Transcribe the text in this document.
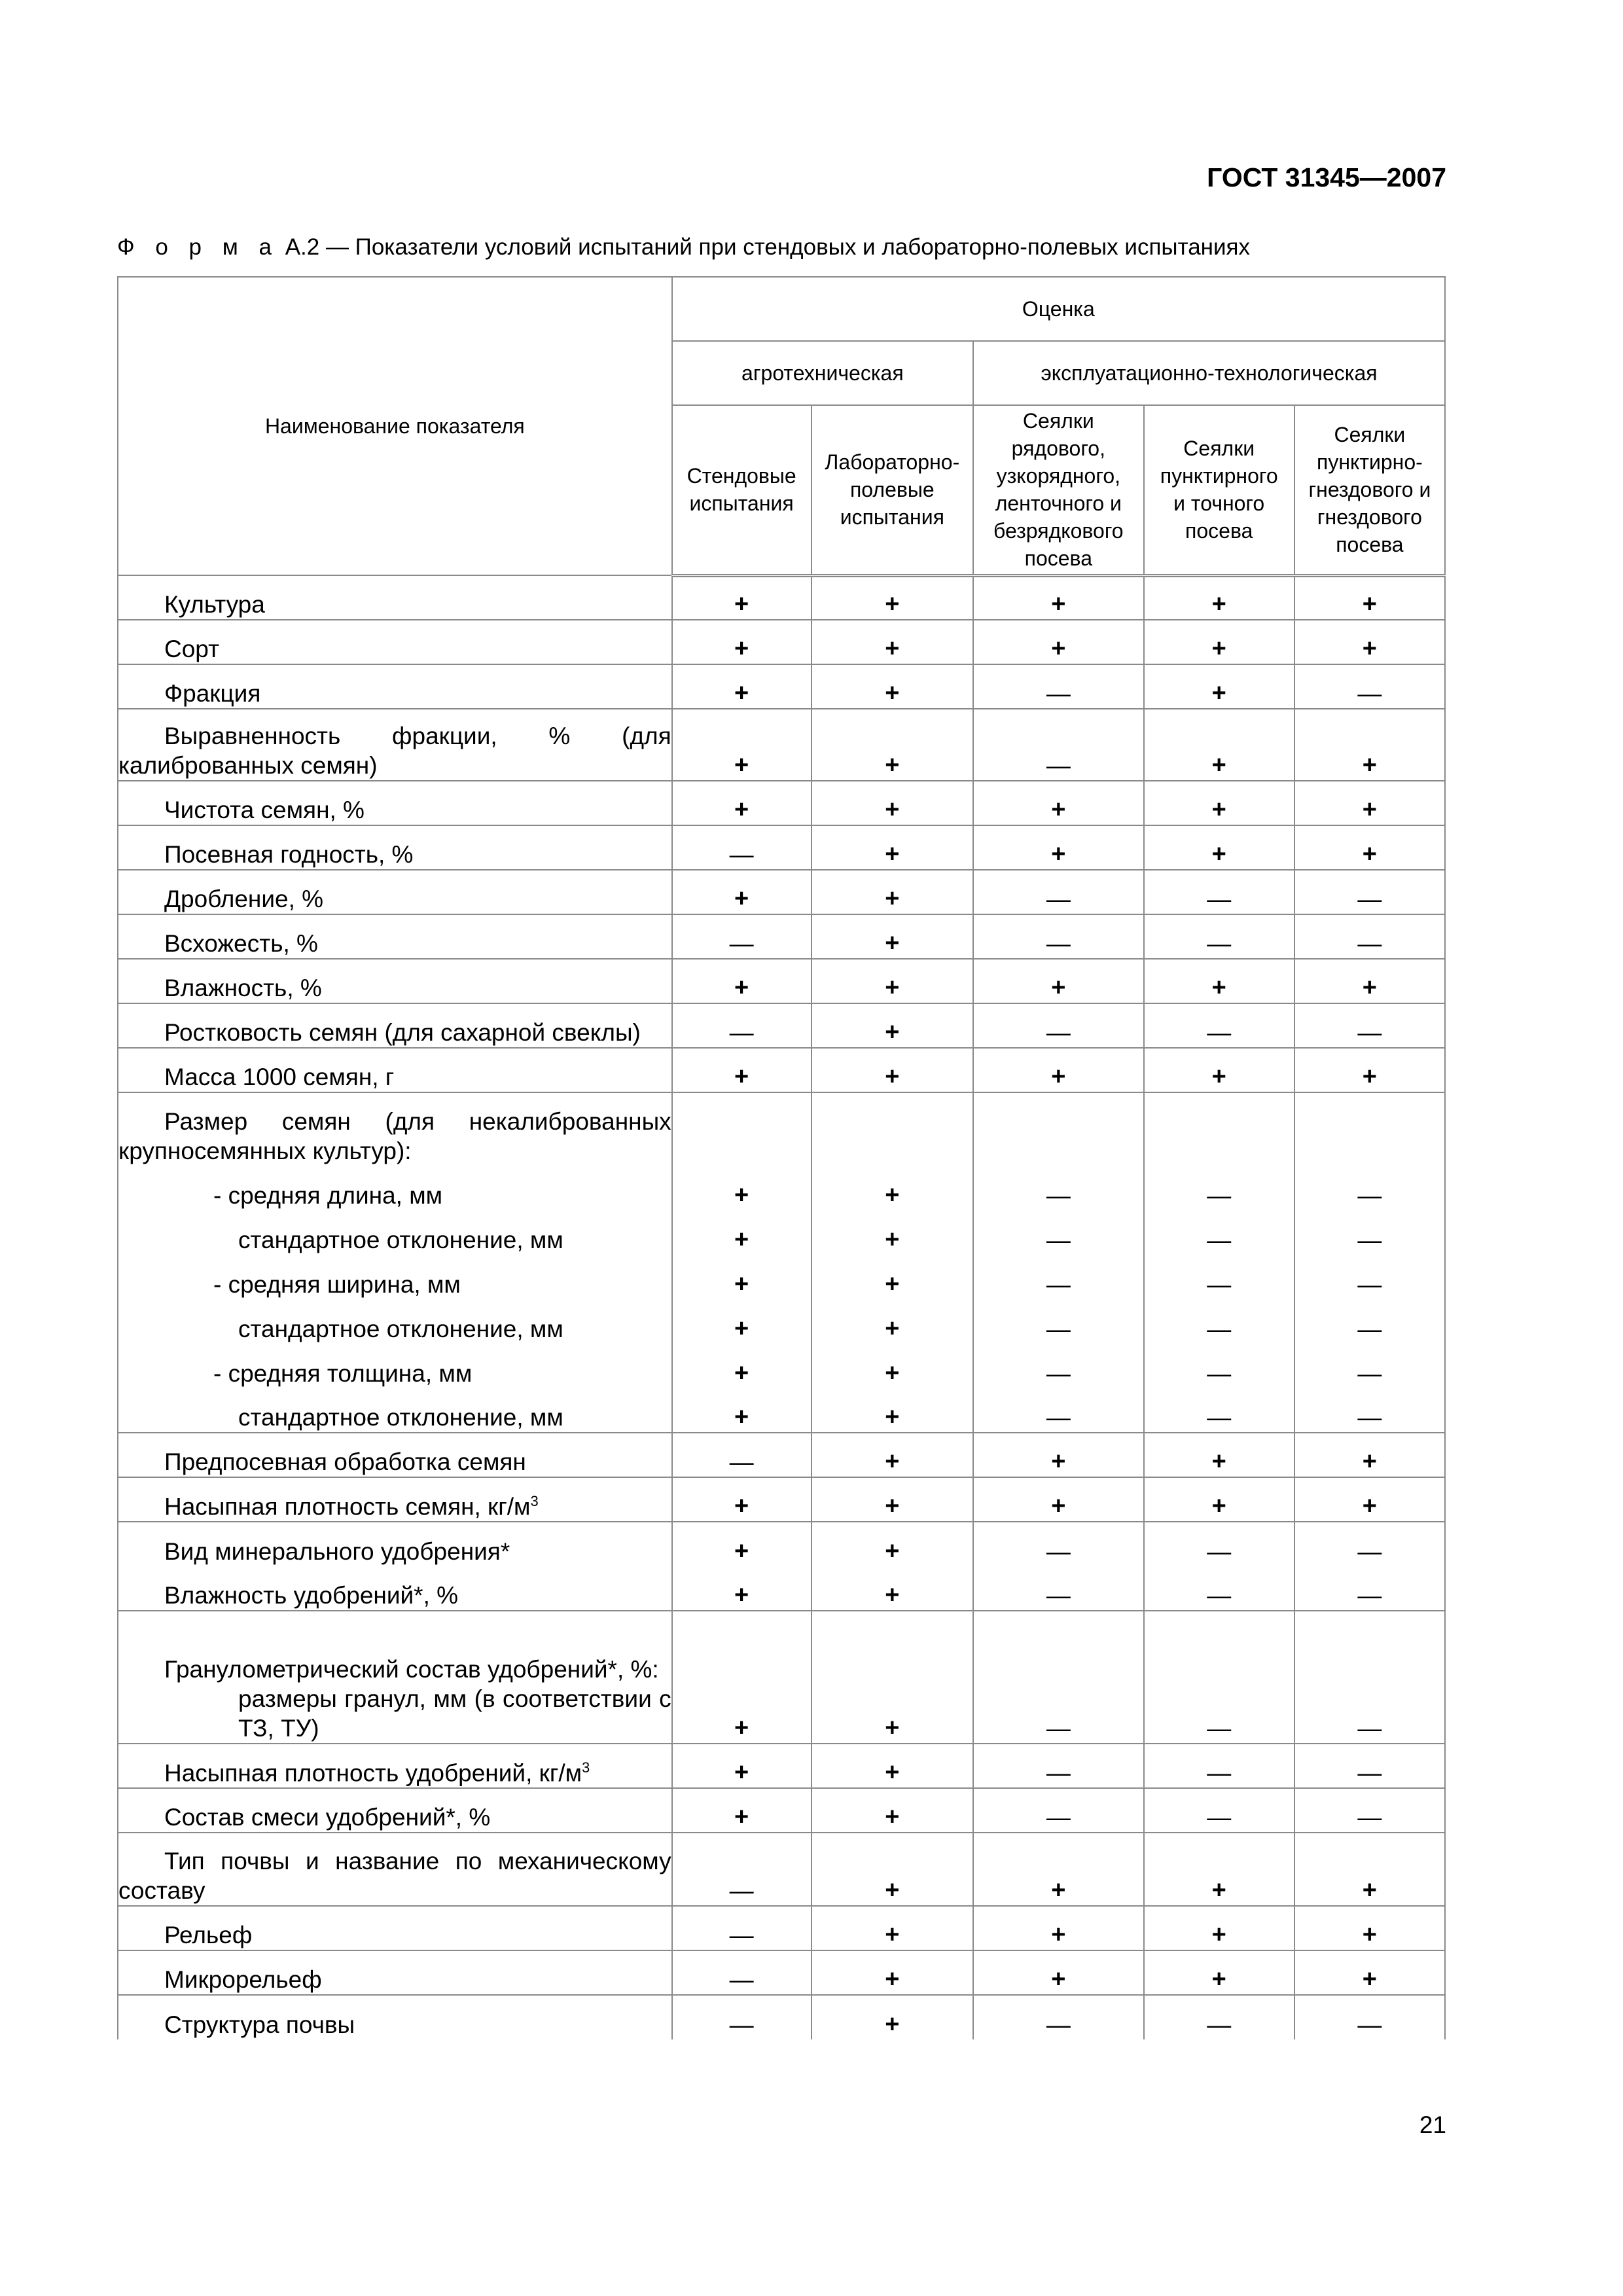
ГОСТ 31345—2007
Ф о р м а А.2 — Показатели условий испытаний при стендовых и лабораторно-полевых испытаниях
Наименование показателя	Оценка				
	агротехническая		эксплуатационно-технологическая		
	Стендовые испытания	Лабораторно-полевые испытания	Сеялки рядового, узкорядного, ленточного и безрядкового посева	Сеялки пунктирного и точного посева	Сеялки пунктирно-гнездового и гнездового посева
Культура	+	+	+	+	+
Сорт	+	+	+	+	+
Фракция	+	+	—	+	—
Выравненность фракции, % (для калиброванных семян)	+	+	—	+	+
Чистота семян, %	+	+	+	+	+
Посевная годность, %	—	+	+	+	+
Дробление, %	+	+	—	—	—
Всхожесть, %	—	+	—	—	—
Влажность, %	+	+	+	+	+
Ростковость семян (для сахарной свеклы)	—	+	—	—	—
Масса 1000 семян, г	+	+	+	+	+
Размер семян (для некалиброванных крупносемянных культур):					
- средняя длина, мм	+	+	—	—	—
стандартное отклонение, мм	+	+	—	—	—
- средняя ширина, мм	+	+	—	—	—
стандартное отклонение, мм	+	+	—	—	—
- средняя толщина, мм	+	+	—	—	—
стандартное отклонение, мм	+	+	—	—	—
Предпосевная обработка семян	—	+	+	+	+
Насыпная плотность семян, $кг/м^3$	+	+	+	+	+
Вид минерального удобрения*	+	+	—	—	—
Влажность удобрений*, %	+	+	—	—	—
Гранулометрический состав удобрений*, %:					
размеры гранул, мм (в соответствии с ТЗ, ТУ)	+	+	—	—	—
Насыпная плотность удобрений, $кг/м^3$	+	+	—	—	—
Состав смеси удобрений*, %	+	+	—	—	—
Тип почвы и название по механическому составу	—	+	+	+	+
Рельеф	—	+	+	+	+
Микрорельеф	—	+	+	+	+
Структура почвы	—	+	—	—	—
21
